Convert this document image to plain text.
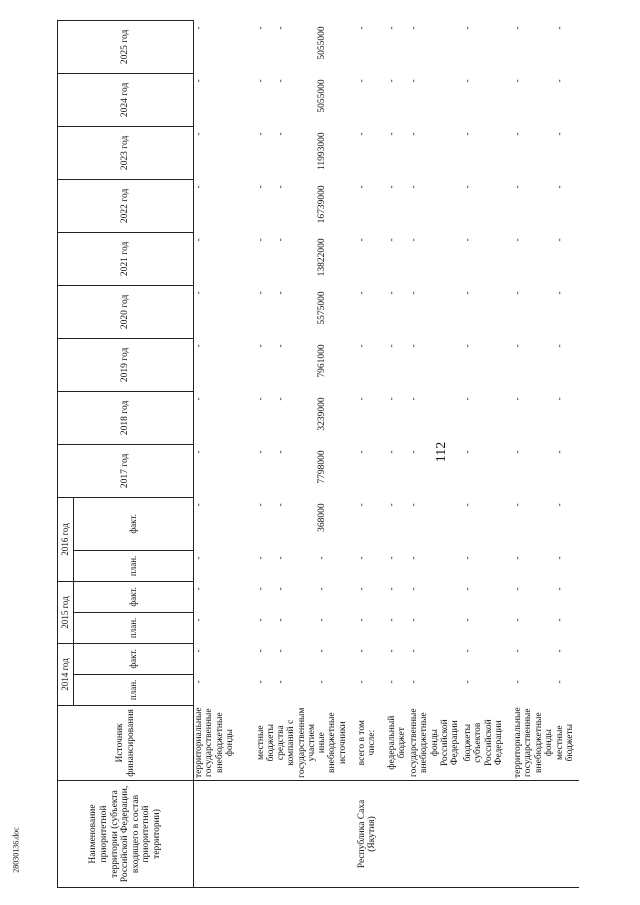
112
28030136.doc	Наименование приоритетной территории (субъекта Российской Федерации, входящего в состав приоритетной территории)	Источник финансирования	2014 год		2015 год		2016 год		2017 год	2018 год	2019 год	2020 год	2021 год	2022 год	2023 год	2024 год	2025 год
		план.	факт.	план.	факт.	план.	факт.									
	территориальные государственные внебюджетные фонды	-	-	-	-	-	-	-	-	-	-	-	-	-	-	-
	местные бюджеты	-	-	-	-	-	-	-	-	-	-	-	-	-	-	-
	средства компаний с государственным участием	-	-	-	-	-	-	-	-	-	-	-	-	-	-	-
	иные внебюджетные источники	-	-	-	-	-	368000	7798000	3239000	7961000	5575000	13822000	16739000	11993000	5055000	5055000
Республика Саха (Якутия)	всего в том числе:	-	-	-	-	-	-	-	-	-	-	-	-	-	-	-
	федеральный бюджет	-	-	-	-	-	-	-	-	-	-	-	-	-	-	-
	государственные внебюджетные фонды Российской Федерации	-	-	-	-	-	-	-	-	-	-	-	-	-	-	-
	бюджеты субъектов Российской Федерации	-	-	-	-	-	-	-	-	-	-	-	-	-	-	-
	территориальные государственные внебюджетные фонды	-	-	-	-	-	-	-	-	-	-	-	-	-	-	-
	местные бюджеты	-	-	-	-	-	-	-	-	-	-	-	-	-	-	-
